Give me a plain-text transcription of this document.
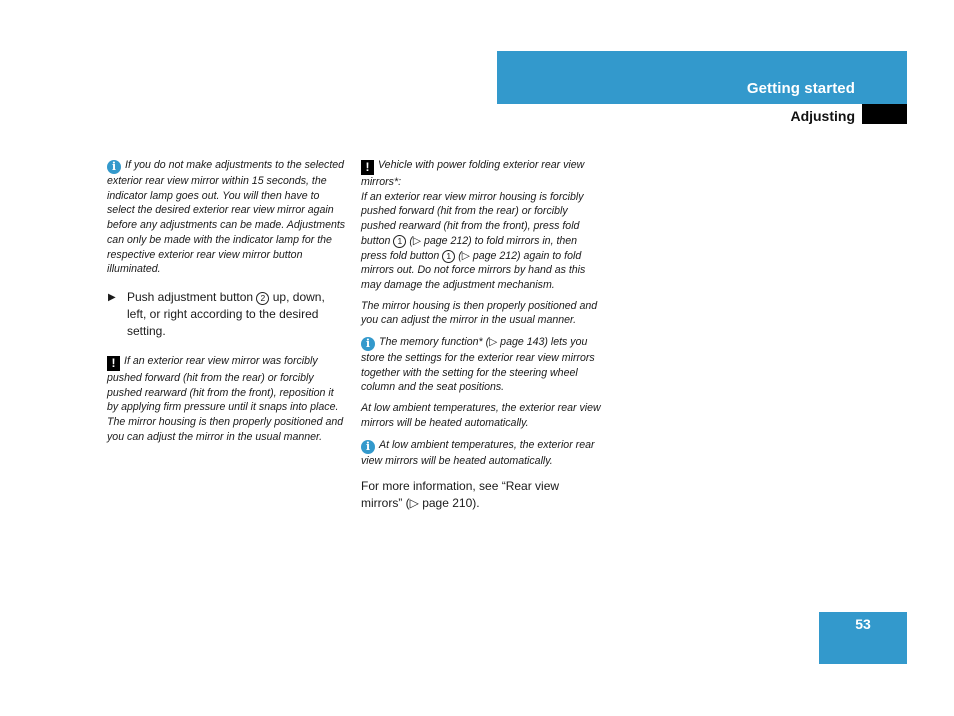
Getting started
Adjusting
i If you do not make adjustments to the selected exterior rear view mirror within 15 seconds, the indicator lamp goes out. You will then have to select the desired exterior rear view mirror again before any adjustments can be made. Adjustments can only be made with the indicator lamp for the respective exterior rear view mirror button illuminated.
▶ Push adjustment button 2 up, down, left, or right according to the desired setting.
! If an exterior rear view mirror was forcibly pushed forward (hit from the rear) or forcibly pushed rearward (hit from the front), reposition it by applying firm pressure until it snaps into place. The mirror housing is then properly positioned and you can adjust the mirror in the usual manner.

! Vehicle with power folding exterior rear view mirrors*:
If an exterior rear view mirror housing is forcibly pushed forward (hit from the rear) or forcibly pushed rearward (hit from the front), press fold button 1 (▷ page 212) to fold mirrors in, then press fold button 1 (▷ page 212) again to fold mirrors out. Do not force mirrors by hand as this may damage the adjustment mechanism.

The mirror housing is then properly positioned and you can adjust the mirror in the usual manner.

i The memory function* (▷ page 143) lets you store the settings for the exterior rear view mirrors together with the setting for the steering wheel column and the seat positions.

At low ambient temperatures, the exterior rear view mirrors will be heated automatically.

i At low ambient temperatures, the exterior rear view mirrors will be heated automatically.

For more information, see “Rear view mirrors” (▷ page 210).

53
